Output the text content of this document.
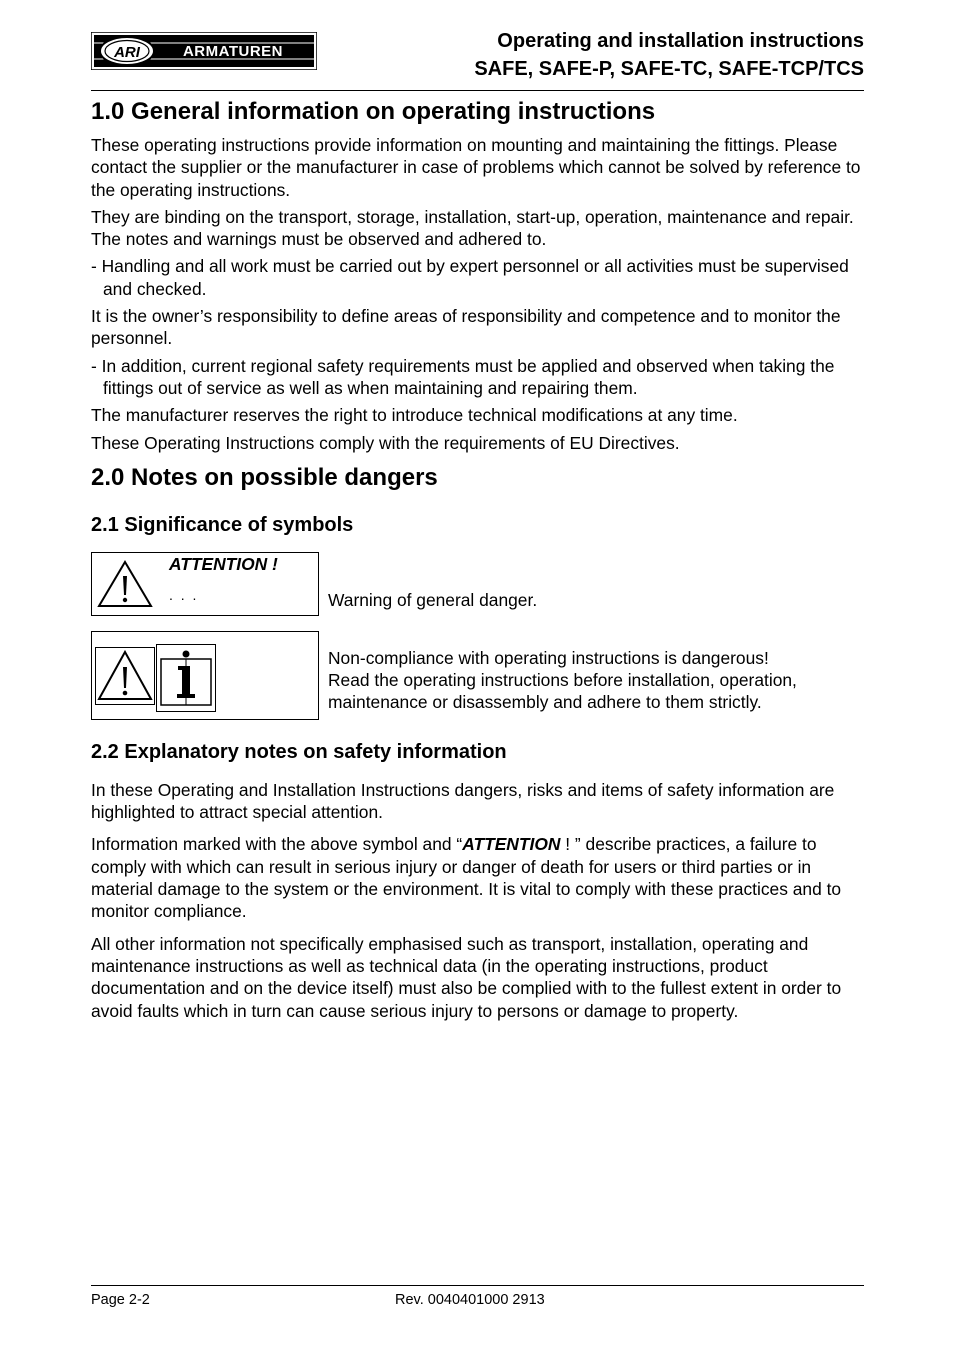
ARI	ARMATUREN	Operating and installation instructions
SAFE, SAFE-P, SAFE-TC, SAFE-TCP/TCS
1.0 General information on operating instructions

These operating instructions provide information on mounting and maintaining the fittings. Please contact the supplier or the manufacturer in case of problems which cannot be solved by reference to the operating instructions.

They are binding on the transport, storage, installation, start-up, operation, maintenance and repair.

The notes and warnings must be observed and adhered to.

- Handling and all work must be carried out by expert personnel or all activities must be supervised and checked.

It is the owner’s responsibility to define areas of responsibility and competence and to monitor the personnel.

- In addition, current regional safety requirements must be applied and observed when taking the fittings out of service as well as when maintaining and repairing them.

The manufacturer reserves the right to introduce technical modifications at any time.

These Operating Instructions comply with the requirements of EU Directives.

2.0 Notes on possible dangers
2.1 Significance of symbols
ATTENTION !
. . .	Warning of general danger.
Non-compliance with operating instructions is dangerous!
Read the operating instructions before installation, operation, maintenance or disassembly and adhere to them strictly.
2.2 Explanatory notes on safety information

In these Operating and Installation Instructions dangers, risks and items of safety information are highlighted to attract special attention.

Information marked with the above symbol and “ATTENTION ! ” describe practices, a failure to comply with which can result in serious injury or danger of death for users or third parties or in material damage to the system or the environment. It is vital to comply with these practices and to monitor compliance.

All other information not specifically emphasised such as transport, installation, operating and maintenance instructions as well as technical data (in the operating instructions, product documentation and on the device itself) must also be complied with to the fullest extent in order to avoid faults which in turn can cause serious injury to persons or damage to property.

Page 2-2	Rev. 0040401000 2913
